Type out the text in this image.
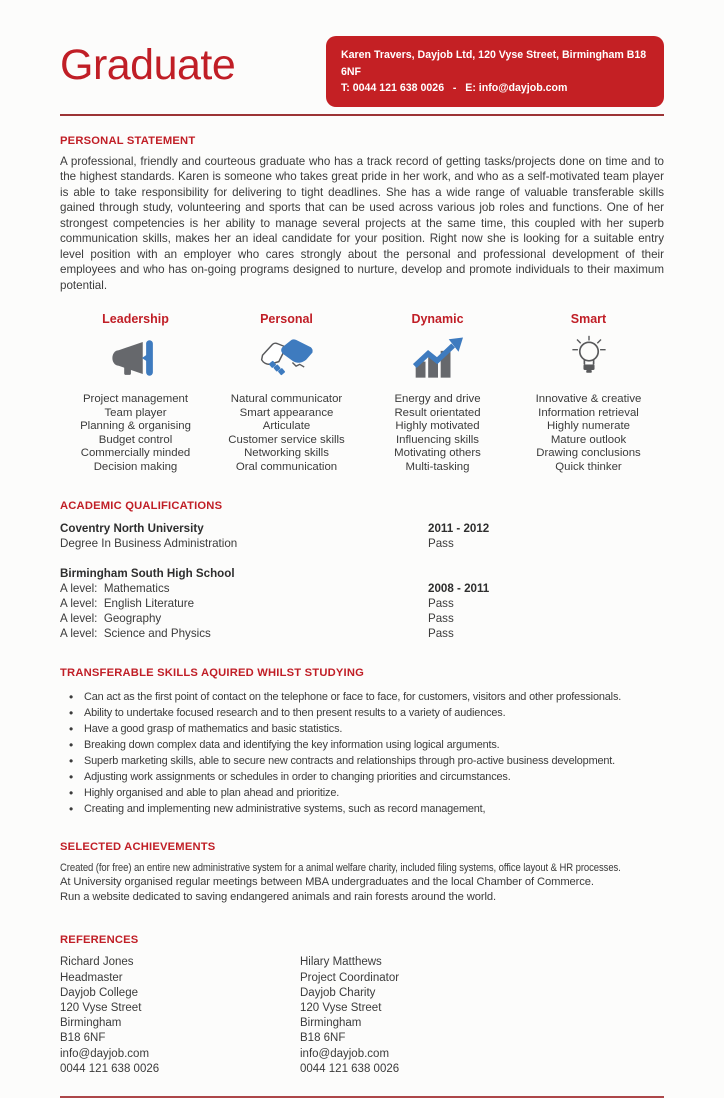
Graduate	Karen Travers, Dayjob Ltd, 120 Vyse Street, Birmingham B18 6NF
T: 0044 121 638 0026   -   E: info@dayjob.com
PERSONAL STATEMENT
A professional, friendly and courteous graduate who has a track record of getting tasks/projects done on time and to the highest standards. Karen is someone who takes great pride in her work, and who as a self-motivated team player is able to take responsibility for delivering to tight deadlines. She has a wide range of valuable transferable skills gained through study, volunteering and sports that can be used across various job roles and functions. One of her strongest competencies is her ability to manage several projects at the same time, this coupled with her superb communication skills, makes her an ideal candidate for your position. Right now she is looking for a suitable entry level position with an employer who cares strongly about the personal and professional development of their employees and who has on-going programs designed to nurture, develop and promote individuals to their maximum potential.
Leadership
Project management
Team player
Planning & organising
Budget control
Commercially minded
Decision making
Personal
Natural communicator
Smart appearance
Articulate
Customer service skills
Networking skills
Oral communication
Dynamic
Energy and drive
Result orientated
Highly motivated
Influencing skills
Motivating others
Multi-tasking
Smart
Innovative & creative
Information retrieval
Highly numerate
Mature outlook
Drawing conclusions
Quick thinker
ACADEMIC QUALIFICATIONS
Coventry North University	2011 - 2012
Degree In Business Administration	Pass
Birmingham South High School
A level:  Mathematics	2008 - 2011
A level:  English Literature	Pass
A level:  Geography	Pass
A level:  Science and Physics	Pass
TRANSFERABLE SKILLS AQUIRED WHILST STUDYING
• Can act as the first point of contact on the telephone or face to face, for customers, visitors and other professionals.
• Ability to undertake focused research and to then present results to a variety of audiences.
• Have a good grasp of mathematics and basic statistics.
• Breaking down complex data and identifying the key information using logical arguments.
• Superb marketing skills, able to secure new contracts and relationships through pro-active business development.
• Adjusting work assignments or schedules in order to changing priorities and circumstances.
• Highly organised and able to plan ahead and prioritize.
• Creating and implementing new administrative systems, such as record management,
SELECTED ACHIEVEMENTS
Created (for free) an entire new administrative system for a animal welfare charity, included filing systems, office layout & HR processes.
At University organised regular meetings between MBA undergraduates and the local Chamber of Commerce.
Run a website dedicated to saving endangered animals and rain forests around the world.
REFERENCES
Richard Jones
Headmaster
Dayjob College
120 Vyse Street
Birmingham
B18 6NF
info@dayjob.com
0044 121 638 0026
Hilary Matthews
Project Coordinator
Dayjob Charity
120 Vyse Street
Birmingham
B18 6NF
info@dayjob.com
0044 121 638 0026
